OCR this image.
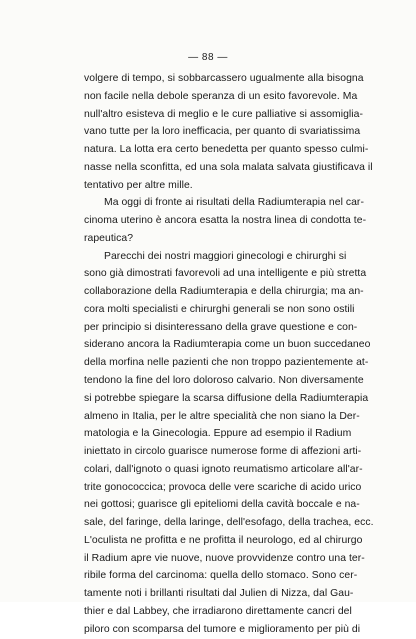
— 88 —
volgere di tempo, si sobbarcassero ugualmente alla bisogna
non facile nella debole speranza di un esito favorevole. Ma
null'altro esisteva di meglio e le cure palliative si assomiglia-
vano tutte per la loro inefficacia, per quanto di svariatissima
natura. La lotta era certo benedetta per quanto spesso culmi-
nasse nella sconfitta, ed una sola malata salvata giustificava il
tentativo per altre mille.
Ma oggi di fronte ai risultati della Radiumterapia nel car-
cinoma uterino è ancora esatta la nostra linea di condotta te-
rapeutica?
Parecchi dei nostri maggiori ginecologi e chirurghi si
sono già dimostrati favorevoli ad una intelligente e più stretta
collaborazione della Radiumterapia e della chirurgia; ma an-
cora molti specialisti e chirurghi generali se non sono ostili
per principio si disinteressano della grave questione e con-
siderano ancora la Radiumterapia come un buon succedaneo
della morfina nelle pazienti che non troppo pazientemente at-
tendono la fine del loro doloroso calvario. Non diversamente
si potrebbe spiegare la scarsa diffusione della Radiumterapia
almeno in Italia, per le altre specialità che non siano la Der-
matologia e la Ginecologia. Eppure ad esempio il Radium
iniettato in circolo guarisce numerose forme di affezioni arti-
colari, dall'ignoto o quasi ignoto reumatismo articolare all'ar-
trite gonococcica; provoca delle vere scariche di acido urico
nei gottosi; guarisce gli epiteliomi della cavità boccale e na-
sale, del faringe, della laringe, dell'esofago, della trachea, ecc.
L'oculista ne profitta e ne profitta il neurologo, ed al chirurgo
il Radium apre vie nuove, nuove provvidenze contro una ter-
ribile forma del carcinoma: quella dello stomaco. Sono cer-
tamente noti i brillanti risultati dal Julien di Nizza, dal Gau-
thier e dal Labbey, che irradiarono direttamente cancri del
piloro con scomparsa del tumore e miglioramento per più di
